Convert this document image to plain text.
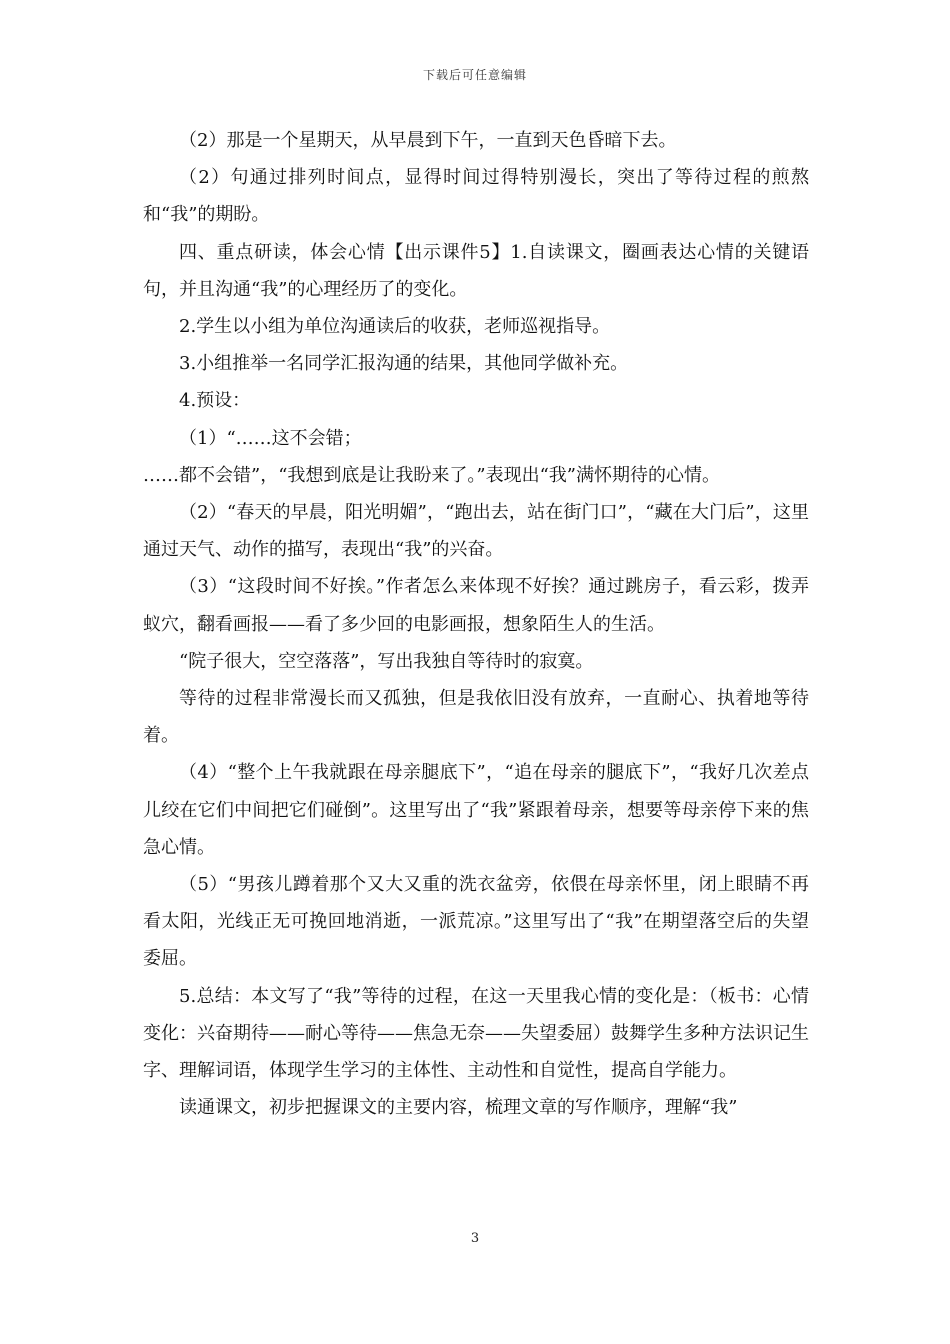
下载后可任意编辑

（2）那是一个星期天，从早晨到下午，一直到天色昏暗下去。

（2）句通过排列时间点，显得时间过得特别漫长，突出了等待过程的煎熬和“我”的期盼。

四、重点研读，体会心情【出示课件5】1.自读课文，圈画表达心情的关键语句，并且沟通“我”的心理经历了的变化。

2.学生以小组为单位沟通读后的收获，老师巡视指导。

3.小组推举一名同学汇报沟通的结果，其他同学做补充。

4.预设：

（1）“……这不会错；

……都不会错”，“我想到底是让我盼来了。”表现出“我”满怀期待的心情。

（2）“春天的早晨，阳光明媚”，“跑出去，站在街门口”，“藏在大门后”，这里通过天气、动作的描写，表现出“我”的兴奋。

（3）“这段时间不好挨。”作者怎么来体现不好挨？通过跳房子，看云彩，拨弄蚁穴，翻看画报——看了多少回的电影画报，想象陌生人的生活。

“院子很大，空空落落”，写出我独自等待时的寂寞。

等待的过程非常漫长而又孤独，但是我依旧没有放弃，一直耐心、执着地等待着。

（4）“整个上午我就跟在母亲腿底下”，“追在母亲的腿底下”，“我好几次差点儿绞在它们中间把它们碰倒”。这里写出了“我”紧跟着母亲，想要等母亲停下来的焦急心情。

（5）“男孩儿蹲着那个又大又重的洗衣盆旁，依偎在母亲怀里，闭上眼睛不再看太阳，光线正无可挽回地消逝，一派荒凉。”这里写出了“我”在期望落空后的失望委屈。

5.总结：本文写了“我”等待的过程，在这一天里我心情的变化是：（板书：心情变化：兴奋期待——耐心等待——焦急无奈——失望委屈）鼓舞学生多种方法识记生字、理解词语，体现学生学习的主体性、主动性和自觉性，提高自学能力。

读通课文，初步把握课文的主要内容，梳理文章的写作顺序，理解“我”

3
